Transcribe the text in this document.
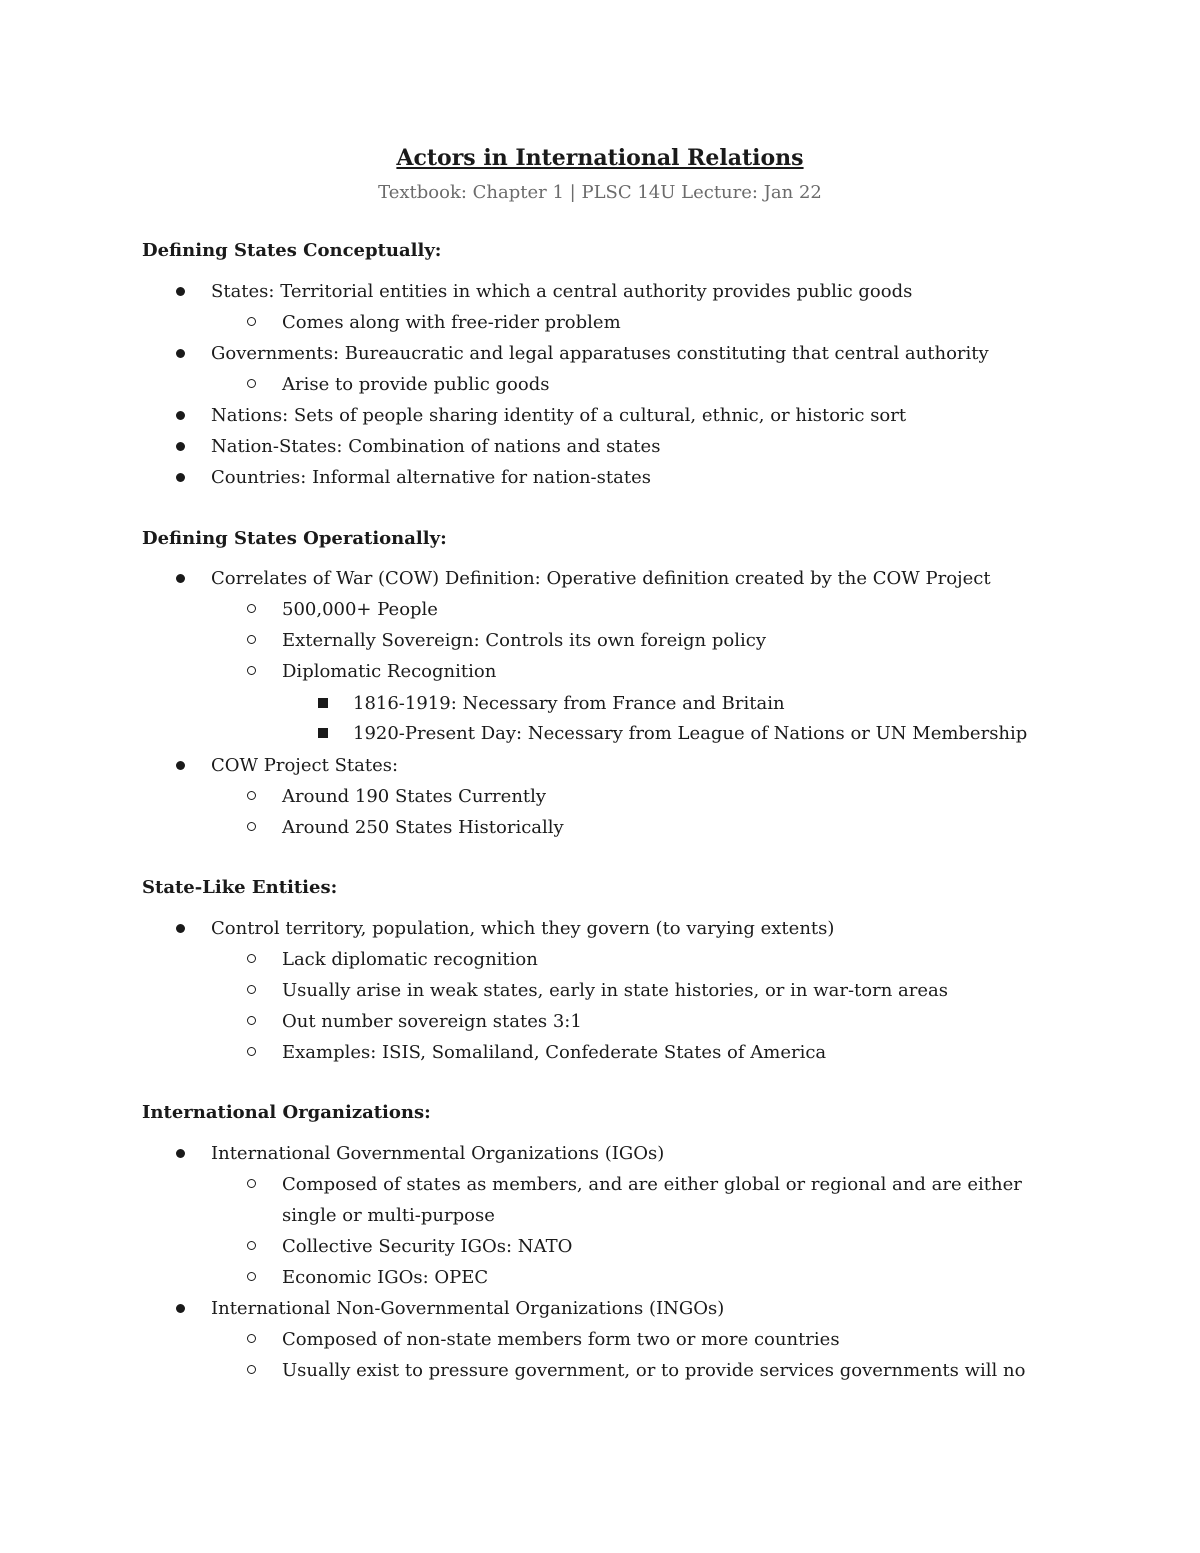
Actors in International Relations

Textbook: Chapter 1 | PLSC 14U Lecture: Jan 22

Defining States Conceptually:

States: Territorial entities in which a central authority provides public goods

Comes along with free-rider problem

Governments: Bureaucratic and legal apparatuses constituting that central authority

Arise to provide public goods

Nations: Sets of people sharing identity of a cultural, ethnic, or historic sort

Nation-States: Combination of nations and states

Countries: Informal alternative for nation-states

Defining States Operationally:

Correlates of War (COW) Definition: Operative definition created by the COW Project

500,000+ People

Externally Sovereign: Controls its own foreign policy

Diplomatic Recognition

1816-1919: Necessary from France and Britain

1920-Present Day: Necessary from League of Nations or UN Membership

COW Project States:

Around 190 States Currently

Around 250 States Historically

State-Like Entities:

Control territory, population, which they govern (to varying extents)

Lack diplomatic recognition

Usually arise in weak states, early in state histories, or in war-torn areas

Out number sovereign states 3:1

Examples: ISIS, Somaliland, Confederate States of America

International Organizations:

International Governmental Organizations (IGOs)

Composed of states as members, and are either global or regional and are either

single or multi-purpose

Collective Security IGOs: NATO

Economic IGOs: OPEC

International Non-Governmental Organizations (INGOs)

Composed of non-state members form two or more countries

Usually exist to pressure government, or to provide services governments will no
